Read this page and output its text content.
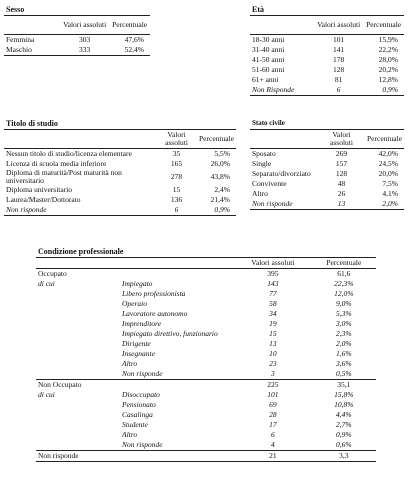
Sesso
	Valori assoluti	Percentuale
Femmina	303	47,6%
Maschio	333	52,4%
Età
	Valori assoluti	Percentuale
18-30 anni	101	15,9%
31-40 anni	141	22,2%
41-50 anni	178	28,0%
51-60 anni	128	20,2%
61+ anni	81	12,8%
Non Risponde	6	0,9%
Titolo di studio
	Valori assoluti	Percentuale
Nessun titolo di studio/licenza elementare	35	5,5%
Licenza di scuola media inferiore	165	26,0%
Diploma di maturità/Post maturità non universitario	278	43,8%
Diploma universitario	15	2,4%
Laurea/Master/Dottorato	136	21,4%
Non risponde	6	0,9%
Stato civile
	Valori assoluti	Percentuale
Sposato	269	42,0%
Single	157	24,5%
Separato/divorziato	128	20,0%
Convivente	48	7,5%
Altro	26	4,1%
Non risponde	13	2,0%
Condizione professionale
		Valori assoluti	Percentuale
Occupato		395	61,6
di cui	Impiegato	143	22,3%
	Libero professionista	77	12,0%
	Operaio	58	9,0%
	Lavoratore autonomo	34	5,3%
	Imprenditore	19	3,0%
	Impiegato direttivo, funzionario	15	2,3%
	Dirigente	13	2,0%
	Insegnante	10	1,6%
	Altro	23	3,6%
	Non risponde	3	0,5%
Non Occupato		225	35,1
di cui	Disoccupato	101	15,8%
	Pensionato	69	10,8%
	Casalinga	28	4,4%
	Studente	17	2,7%
	Altro	6	0,9%
	Non risponde	4	0,6%
Non risponde		21	3,3
